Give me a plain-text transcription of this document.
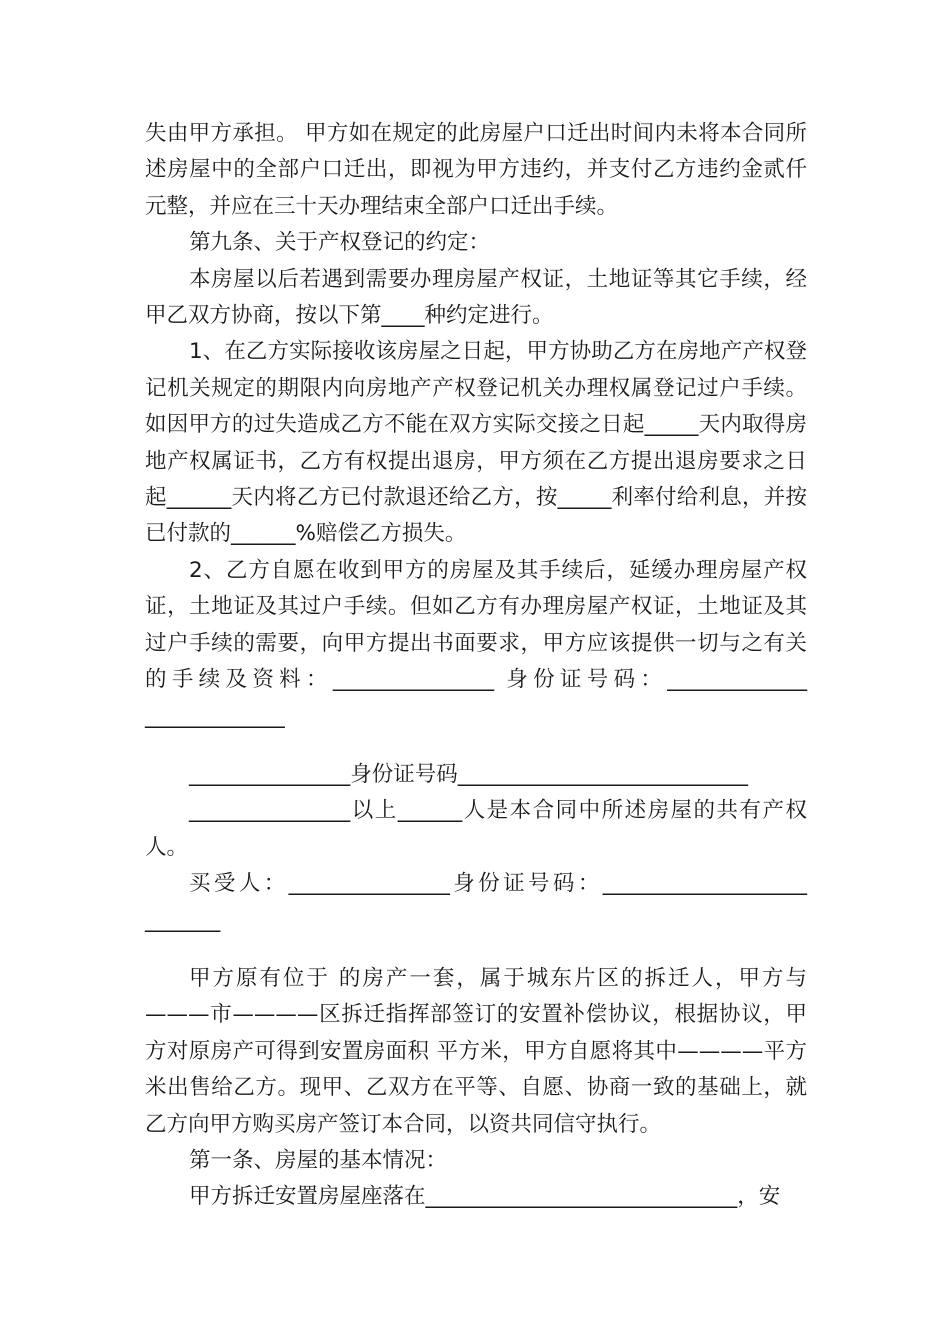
失由甲方承担。 甲方如在规定的此房屋户口迁出时间内未将本合同所述房屋中的全部户口迁出，即视为甲方违约，并支付乙方违约金贰仟元整，并应在三十天办理结束全部户口迁出手续。

第九条、关于产权登记的约定：

本房屋以后若遇到需要办理房屋产权证，土地证等其它手续，经甲乙双方协商，按以下第____种约定进行。

1、在乙方实际接收该房屋之日起，甲方协助乙方在房地产产权登记机关规定的期限内向房地产产权登记机关办理权属登记过户手续。如因甲方的过失造成乙方不能在双方实际交接之日起_____天内取得房地产权属证书，乙方有权提出退房，甲方须在乙方提出退房要求之日起______天内将乙方已付款退还给乙方，按_____利率付给利息，并按已付款的______%赔偿乙方损失。

2、乙方自愿在收到甲方的房屋及其手续后，延缓办理房屋产权证，土地证及其过户手续。但如乙方有办理房屋产权证，土地证及其过户手续的需要，向甲方提出书面要求，甲方应该提供一切与之有关的手续及资料：_______________ 身份证号码：_____________ _____________

_______________身份证号码___________________________

_______________以上______人是本合同中所述房屋的共有产权人。

买受人：_______________身份证号码：___________________ _______

甲方原有位于 的房产一套，属于城东片区的拆迁人，甲方与———市————区拆迁指挥部签订的安置补偿协议，根据协议，甲方对原房产可得到安置房面积 平方米，甲方自愿将其中————平方米出售给乙方。现甲、乙双方在平等、自愿、协商一致的基础上，就乙方向甲方购买房产签订本合同，以资共同信守执行。

第一条、房屋的基本情况：

甲方拆迁安置房屋座落在_____________________________，安
